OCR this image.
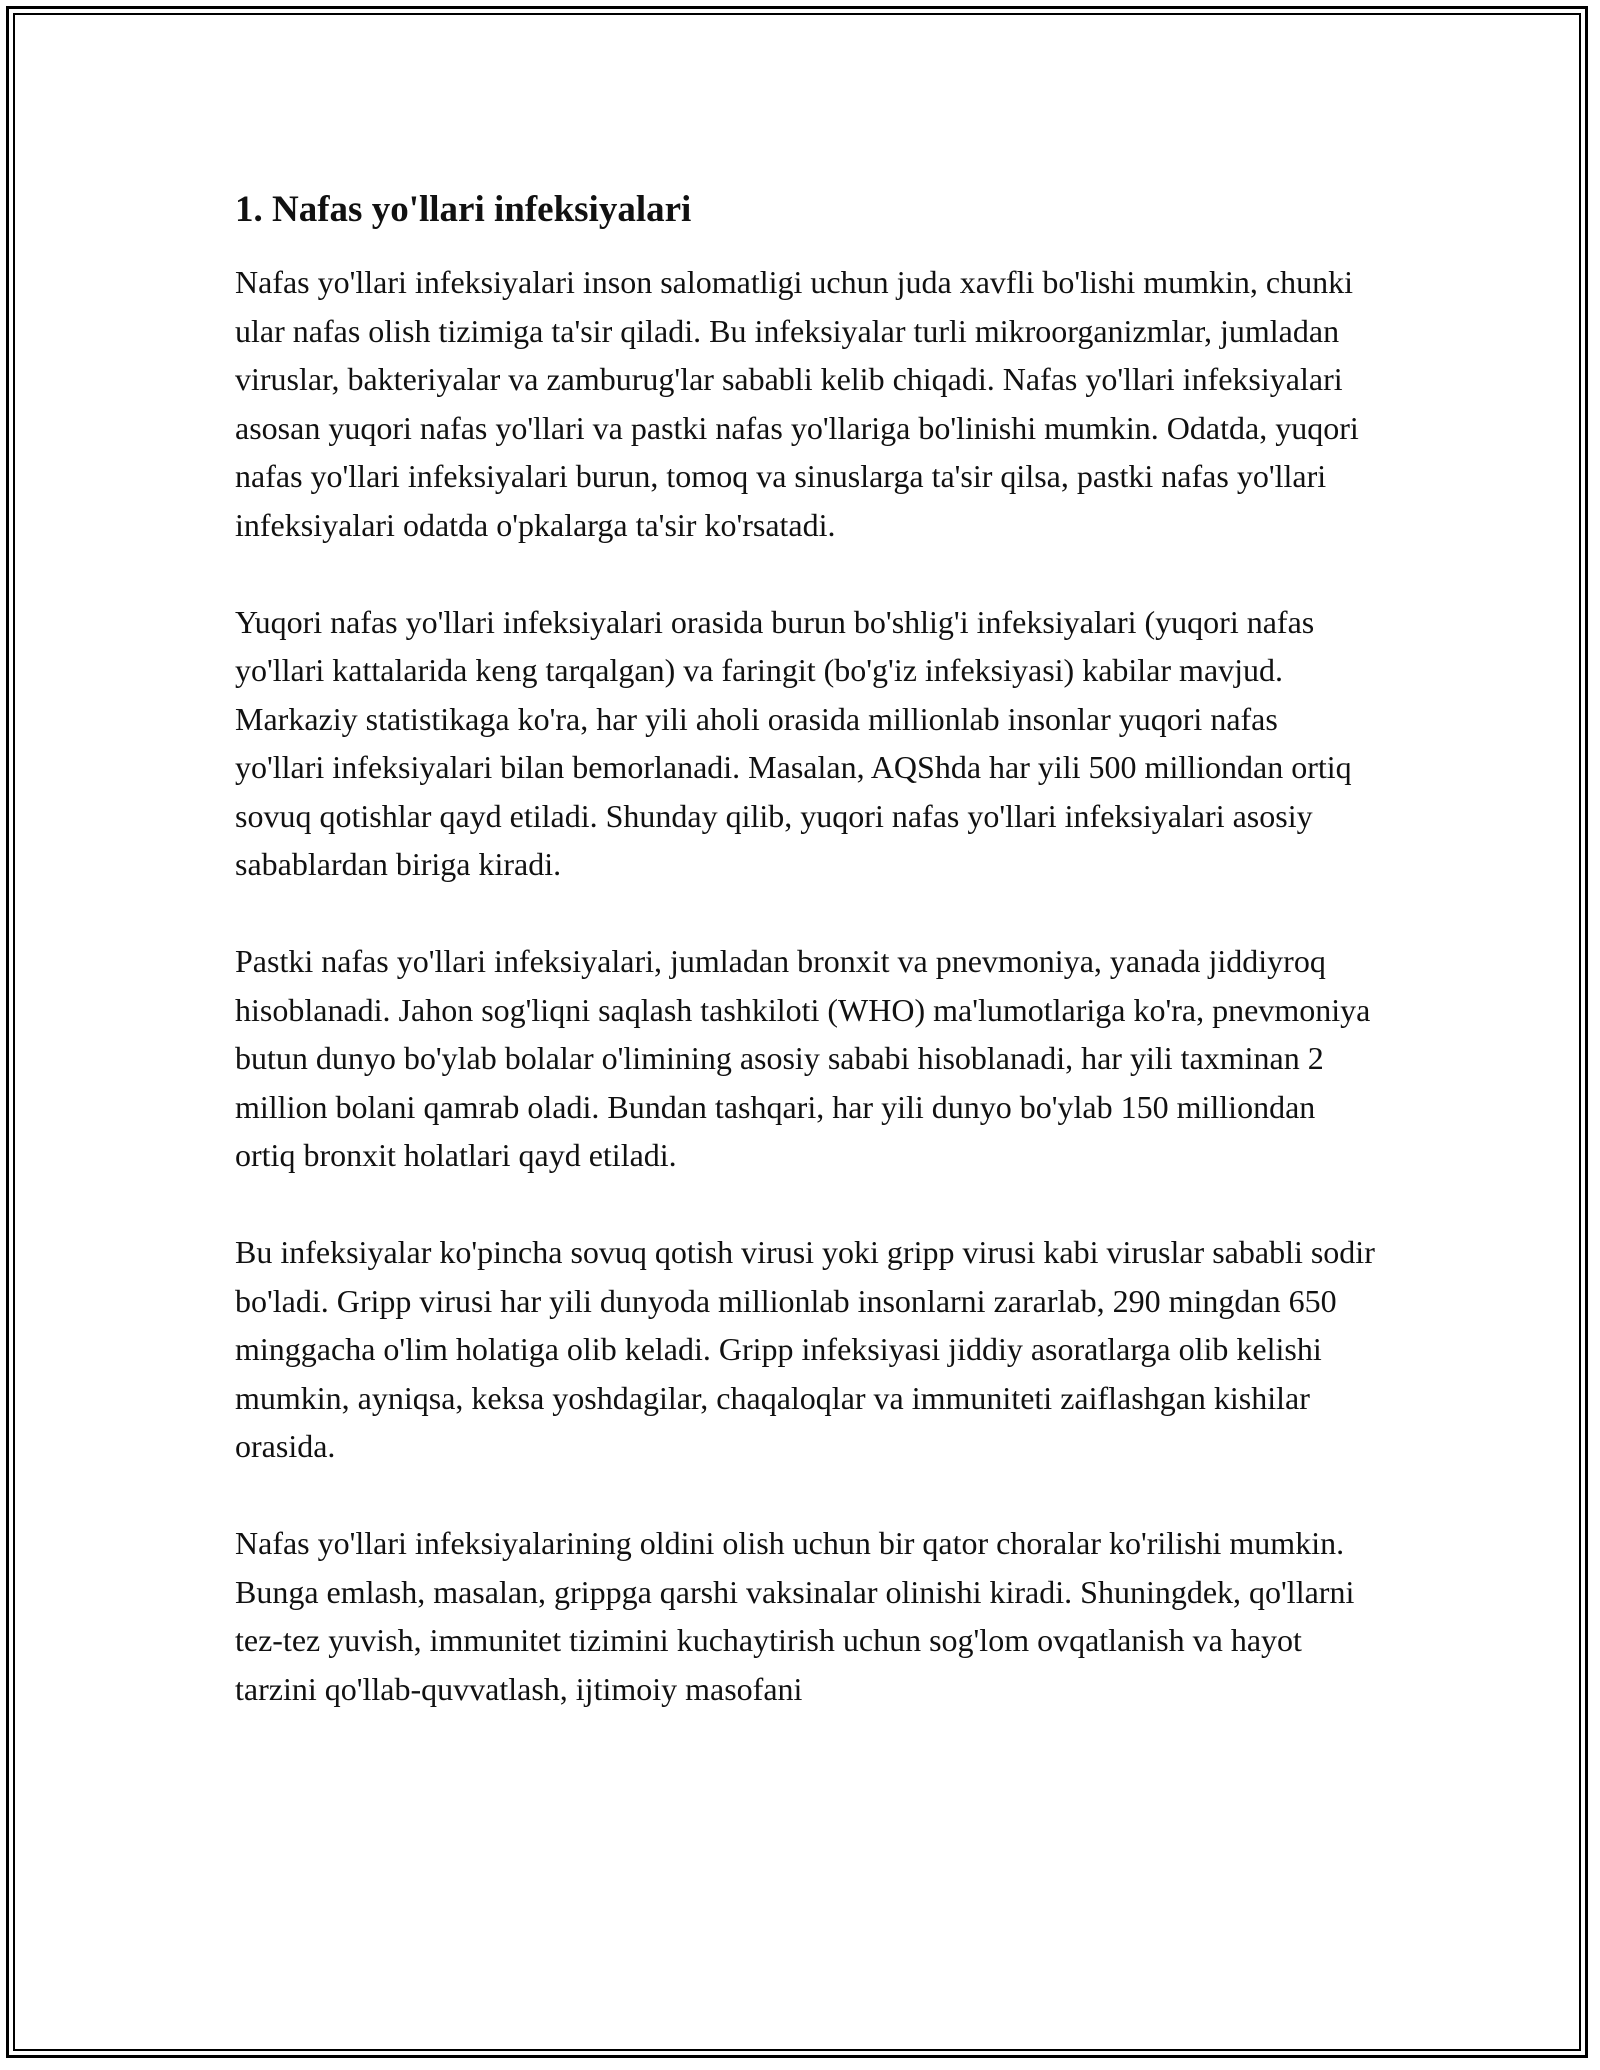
1. Nafas yo'llari infeksiyalari

Nafas yo'llari infeksiyalari inson salomatligi uchun juda xavfli bo'lishi mumkin, chunki ular nafas olish tizimiga ta'sir qiladi. Bu infeksiyalar turli mikroorganizmlar, jumladan viruslar, bakteriyalar va zamburug'lar sababli kelib chiqadi. Nafas yo'llari infeksiyalari asosan yuqori nafas yo'llari va pastki nafas yo'llariga bo'linishi mumkin. Odatda, yuqori nafas yo'llari infeksiyalari burun, tomoq va sinuslarga ta'sir qilsa, pastki nafas yo'llari infeksiyalari odatda o'pkalarga ta'sir ko'rsatadi.

Yuqori nafas yo'llari infeksiyalari orasida burun bo'shlig'i infeksiyalari (yuqori nafas yo'llari kattalarida keng tarqalgan) va faringit (bo'g'iz infeksiyasi) kabilar mavjud. Markaziy statistikaga ko'ra, har yili aholi orasida millionlab insonlar yuqori nafas yo'llari infeksiyalari bilan bemorlanadi. Masalan, AQShda har yili 500 milliondan ortiq sovuq qotishlar qayd etiladi. Shunday qilib, yuqori nafas yo'llari infeksiyalari asosiy sabablardan biriga kiradi.

Pastki nafas yo'llari infeksiyalari, jumladan bronxit va pnevmoniya, yanada jiddiyroq hisoblanadi. Jahon sog'liqni saqlash tashkiloti (WHO) ma'lumotlariga ko'ra, pnevmoniya butun dunyo bo'ylab bolalar o'limining asosiy sababi hisoblanadi, har yili taxminan 2 million bolani qamrab oladi. Bundan tashqari, har yili dunyo bo'ylab 150 milliondan ortiq bronxit holatlari qayd etiladi.

Bu infeksiyalar ko'pincha sovuq qotish virusi yoki gripp virusi kabi viruslar sababli sodir bo'ladi. Gripp virusi har yili dunyoda millionlab insonlarni zararlab, 290 mingdan 650 minggacha o'lim holatiga olib keladi. Gripp infeksiyasi jiddiy asoratlarga olib kelishi mumkin, ayniqsa, keksa yoshdagilar, chaqaloqlar va immuniteti zaiflashgan kishilar orasida.

Nafas yo'llari infeksiyalarining oldini olish uchun bir qator choralar ko'rilishi mumkin. Bunga emlash, masalan, grippga qarshi vaksinalar olinishi kiradi. Shuningdek, qo'llarni tez-tez yuvish, immunitet tizimini kuchaytirish uchun sog'lom ovqatlanish va hayot tarzini qo'llab-quvvatlash, ijtimoiy masofani
